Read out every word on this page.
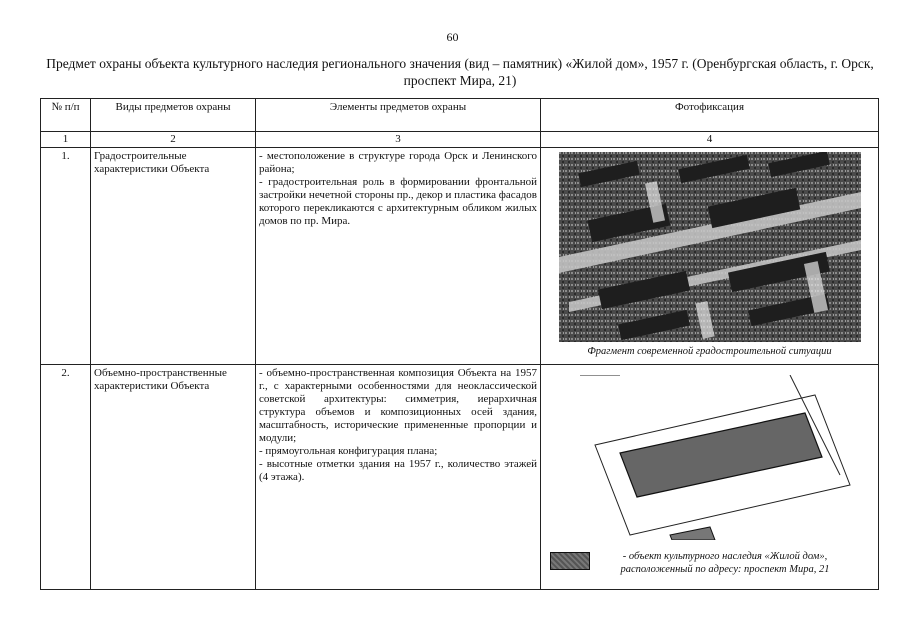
60
Предмет охраны объекта культурного наследия регионального значения (вид – памятник) «Жилой дом», 1957 г. (Оренбургская область, г. Орск, проспект Мира, 21)
№ п/п	Виды предметов охраны	Элементы предметов охраны	Фотофиксация
1	2	3	4
1.	Градостроительные характеристики Объекта	- местоположение в структуре города Орск и Ленинского района;
- градостроительная роль в формировании фронтальной застройки нечетной стороны пр., декор и пластика фасадов которого перекликаются с архитектурным обликом жилых домов по пр. Мира.	Фрагмент современной градостроительной ситуации

2.	Объемно-пространственные характеристики Объекта	- объемно-пространственная композиция Объекта на 1957 г., с характерными особенностями для неоклассической советской архитектуры: симметрия, иерархичная структура объемов и композиционных осей здания, масштабность, исторические примененные пропорции и модули;
- прямоугольная конфигурация плана;
- высотные отметки здания на 1957 г., количество этажей (4 этажа).	- объект культурного наследия «Жилой дом», расположенный по адресу: проспект Мира, 21
